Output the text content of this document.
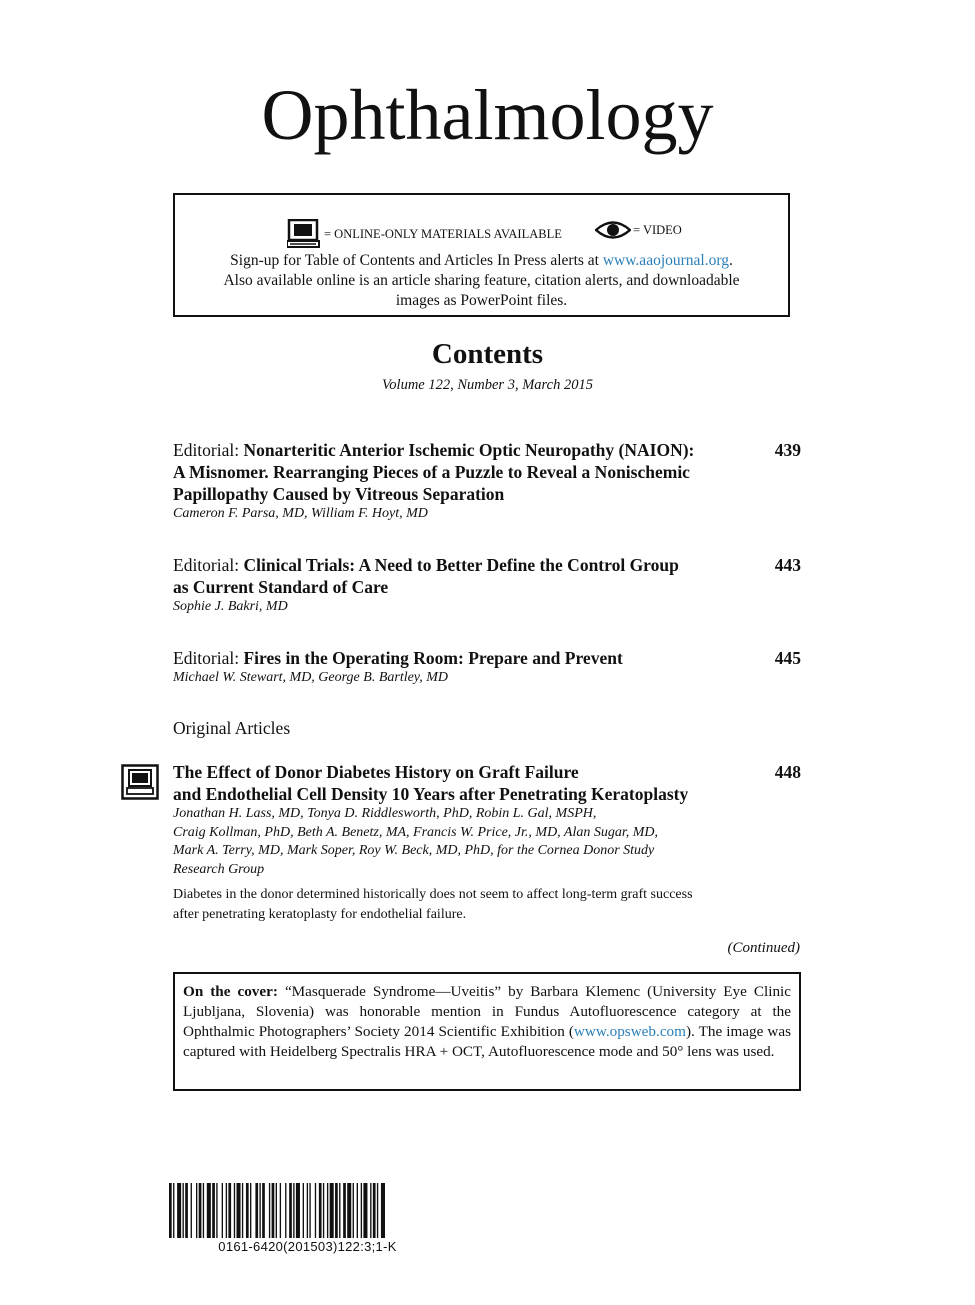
Ophthalmology
= ONLINE-ONLY MATERIALS AVAILABLE	= VIDEO
Sign-up for Table of Contents and Articles In Press alerts at www.aaojournal.org.
Also available online is an article sharing feature, citation alerts, and downloadable
images as PowerPoint files.
Contents
Volume 122, Number 3, March 2015
Editorial: Nonarteritic Anterior Ischemic Optic Neuropathy (NAION):
A Misnomer. Rearranging Pieces of a Puzzle to Reveal a Nonischemic
Papillopathy Caused by Vitreous Separation
439
Cameron F. Parsa, MD, William F. Hoyt, MD
Editorial: Clinical Trials: A Need to Better Define the Control Group
as Current Standard of Care
443
Sophie J. Bakri, MD
Editorial: Fires in the Operating Room: Prepare and Prevent	445
Michael W. Stewart, MD, George B. Bartley, MD
Original Articles
The Effect of Donor Diabetes History on Graft Failure
and Endothelial Cell Density 10 Years after Penetrating Keratoplasty
448
Jonathan H. Lass, MD, Tonya D. Riddlesworth, PhD, Robin L. Gal, MSPH,
Craig Kollman, PhD, Beth A. Benetz, MA, Francis W. Price, Jr., MD, Alan Sugar, MD,
Mark A. Terry, MD, Mark Soper, Roy W. Beck, MD, PhD, for the Cornea Donor Study
Research Group
Diabetes in the donor determined historically does not seem to affect long-term graft success
after penetrating keratoplasty for endothelial failure.
(Continued)
On the cover: “Masquerade Syndrome—Uveitis” by Barbara Klemenc (University Eye Clinic Ljubljana, Slovenia) was honorable mention in Fundus Autofluorescence category at the Ophthalmic Photographers’ Society 2014 Scientific Exhibition (www.opsweb.com). The image was captured with Heidelberg Spectralis HRA + OCT, Autofluorescence mode and 50° lens was used.
0161-6420(201503)122:3;1-K
